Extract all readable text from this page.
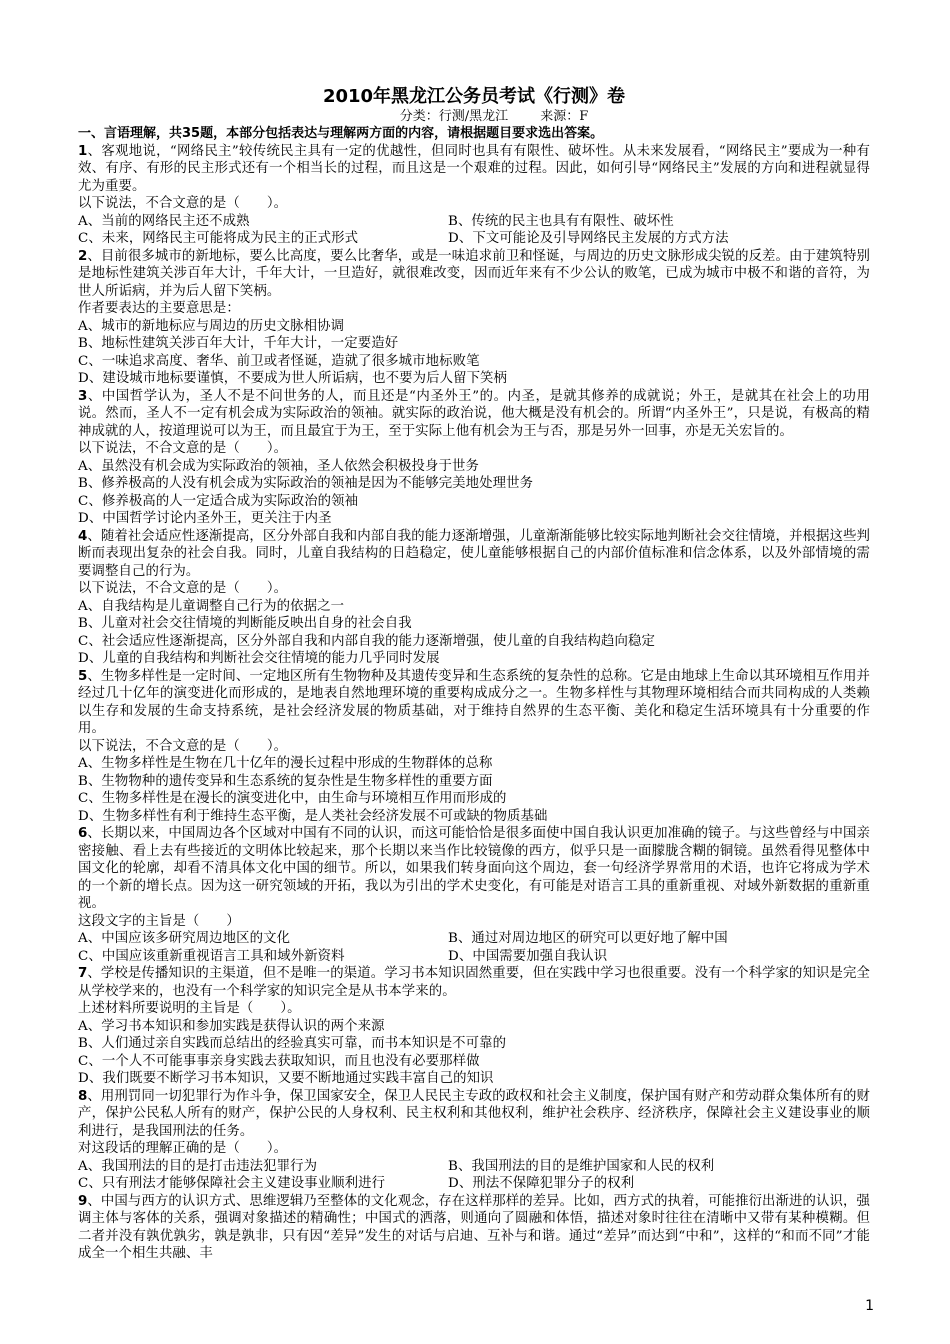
2010年黑龙江公务员考试《行测》卷

分类：行测/黑龙江 来源：F

一、言语理解，共35题，本部分包括表达与理解两方面的内容，请根据题目要求选出答案。

1、客观地说，“网络民主”较传统民主具有一定的优越性，但同时也具有有限性、破坏性。从未来发展看，“网络民主”要成为一种有效、有序、有形的民主形式还有一个相当长的过程，而且这是一个艰难的过程。因此，如何引导“网络民主”发展的方向和进程就显得尤为重要。

以下说法，不合文意的是（　　）。

A、当前的网络民主还不成熟	B、传统的民主也具有有限性、破坏性

C、未来，网络民主可能将成为民主的正式形式	D、下文可能论及引导网络民主发展的方式方法

2、目前很多城市的新地标，要么比高度，要么比奢华，或是一味追求前卫和怪诞，与周边的历史文脉形成尖锐的反差。由于建筑特别是地标性建筑关涉百年大计，千年大计，一旦造好，就很难改变，因而近年来有不少公认的败笔，已成为城市中极不和谐的音符，为世人所诟病，并为后人留下笑柄。

作者要表达的主要意思是：

A、城市的新地标应与周边的历史文脉相协调

B、地标性建筑关涉百年大计，千年大计，一定要造好

C、一味追求高度、奢华、前卫或者怪诞，造就了很多城市地标败笔

D、建设城市地标要谨慎，不要成为世人所诟病，也不要为后人留下笑柄

3、中国哲学认为，圣人不是不问世务的人，而且还是“内圣外王”的。内圣，是就其修养的成就说；外王，是就其在社会上的功用说。然而，圣人不一定有机会成为实际政治的领袖。就实际的政治说，他大概是没有机会的。所谓“内圣外王”，只是说，有极高的精神成就的人，按道理说可以为王，而且最宜于为王，至于实际上他有机会为王与否，那是另外一回事，亦是无关宏旨的。

以下说法，不合文意的是（　　）。

A、虽然没有机会成为实际政治的领袖，圣人依然会积极投身于世务

B、修养极高的人没有机会成为实际政治的领袖是因为不能够完美地处理世务

C、修养极高的人一定适合成为实际政治的领袖

D、中国哲学讨论内圣外王，更关注于内圣

4、随着社会适应性逐渐提高，区分外部自我和内部自我的能力逐渐增强，儿童渐渐能够比较实际地判断社会交往情境，并根据这些判断而表现出复杂的社会自我。同时，儿童自我结构的日趋稳定，使儿童能够根据自己的内部价值标准和信念体系，以及外部情境的需要调整自己的行为。

以下说法，不合文意的是（　　）。

A、自我结构是儿童调整自己行为的依据之一

B、儿童对社会交往情境的判断能反映出自身的社会自我

C、社会适应性逐渐提高，区分外部自我和内部自我的能力逐渐增强，使儿童的自我结构趋向稳定

D、儿童的自我结构和判断社会交往情境的能力几乎同时发展

5、生物多样性是一定时间、一定地区所有生物物种及其遗传变异和生态系统的复杂性的总称。它是由地球上生命以其环境相互作用并经过几十亿年的演变进化而形成的，是地表自然地理环境的重要构成成分之一。生物多样性与其物理环境相结合而共同构成的人类赖以生存和发展的生命支持系统，是社会经济发展的物质基础，对于维持自然界的生态平衡、美化和稳定生活环境具有十分重要的作用。

以下说法，不合文意的是（　　）。

A、生物多样性是生物在几十亿年的漫长过程中形成的生物群体的总称

B、生物物种的遗传变异和生态系统的复杂性是生物多样性的重要方面

C、生物多样性是在漫长的演变进化中，由生命与环境相互作用而形成的

D、生物多样性有利于维持生态平衡，是人类社会经济发展不可或缺的物质基础

6、长期以来，中国周边各个区域对中国有不同的认识，而这可能恰恰是很多面使中国自我认识更加准确的镜子。与这些曾经与中国亲密接触、看上去有些接近的文明体比较起来，那个长期以来当作比较镜像的西方，似乎只是一面朦胧含糊的铜镜。虽然看得见整体中国文化的轮廓，却看不清具体文化中国的细节。所以，如果我们转身面向这个周边，套一句经济学界常用的术语，也许它将成为学术的一个新的增长点。因为这一研究领域的开拓，我以为引出的学术史变化，有可能是对语言工具的重新重视、对域外新数据的重新重视。

这段文字的主旨是（　　）

A、中国应该多研究周边地区的文化	B、通过对周边地区的研究可以更好地了解中国

C、中国应该重新重视语言工具和域外新资料	D、中国需要加强自我认识

7、学校是传播知识的主渠道，但不是唯一的渠道。学习书本知识固然重要，但在实践中学习也很重要。没有一个科学家的知识是完全从学校学来的，也没有一个科学家的知识完全是从书本学来的。

上述材料所要说明的主旨是（　　）。

A、学习书本知识和参加实践是获得认识的两个来源

B、人们通过亲自实践而总结出的经验真实可靠，而书本知识是不可靠的

C、一个人不可能事事亲身实践去获取知识，而且也没有必要那样做

D、我们既要不断学习书本知识，又要不断地通过实践丰富自己的知识

8、用刑罚同一切犯罪行为作斗争，保卫国家安全，保卫人民民主专政的政权和社会主义制度，保护国有财产和劳动群众集体所有的财产，保护公民私人所有的财产，保护公民的人身权利、民主权利和其他权利，维护社会秩序、经济秩序，保障社会主义建设事业的顺利进行，是我国刑法的任务。

对这段话的理解正确的是（　　）。

A、我国刑法的目的是打击违法犯罪行为	B、我国刑法的目的是维护国家和人民的权利

C、只有刑法才能够保障社会主义建设事业顺利进行	D、刑法不保障犯罪分子的权利

9、中国与西方的认识方式、思维逻辑乃至整体的文化观念，存在这样那样的差异。比如，西方式的执着，可能推衍出渐进的认识，强调主体与客体的关系，强调对象描述的精确性；中国式的洒落，则通向了圆融和体悟，描述对象时往往在清晰中又带有某种模糊。但二者并没有孰优孰劣，孰是孰非，只有因“差异”发生的对话与启迪、互补与和谐。通过“差异”而达到“中和”，这样的“和而不同”才能成全一个相生共融、丰

1
